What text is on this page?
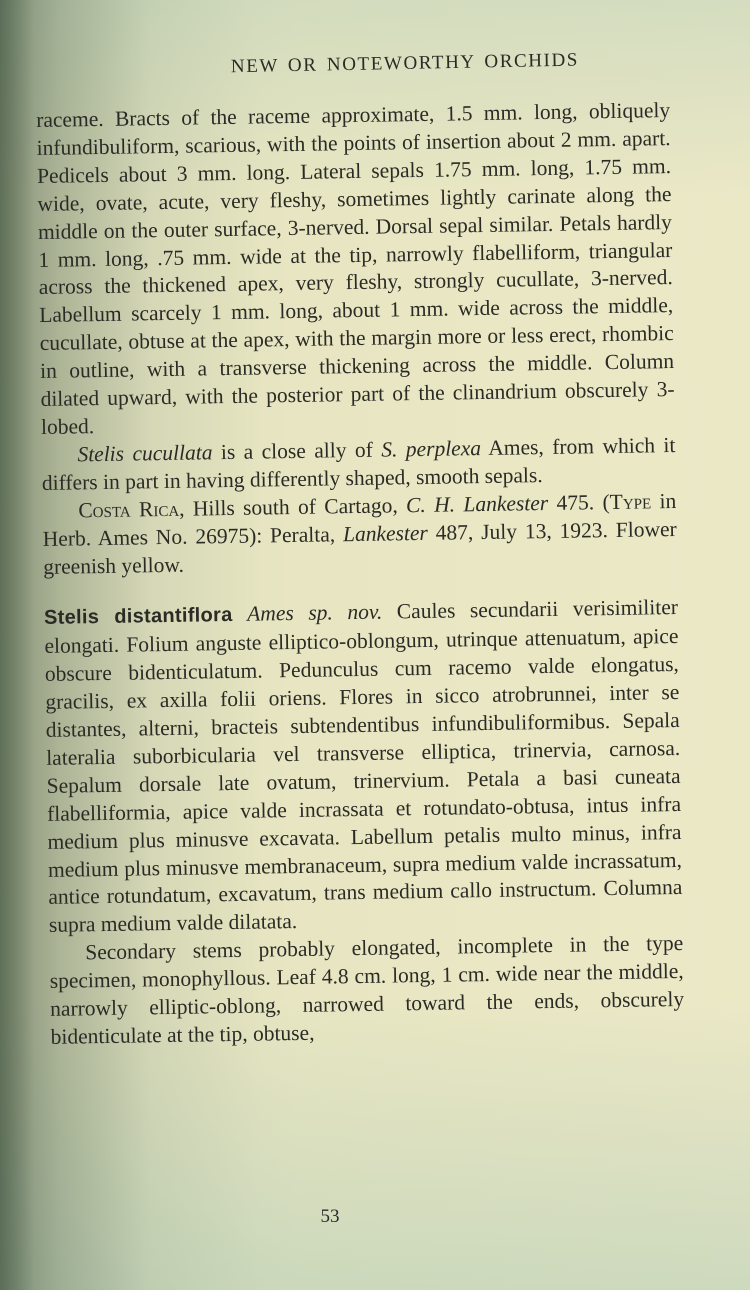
NEW OR NOTEWORTHY ORCHIDS

raceme. Bracts of the raceme approximate, 1.5 mm. long, obliquely infundibuliform, scarious, with the points of insertion about 2 mm. apart. Pedicels about 3 mm. long. Lateral sepals 1.75 mm. long, 1.75 mm. wide, ovate, acute, very fleshy, sometimes lightly carinate along the middle on the outer surface, 3-nerved. Dorsal sepal similar. Petals hardly 1 mm. long, .75 mm. wide at the tip, narrowly flabelliform, triangular across the thickened apex, very fleshy, strongly cucullate, 3-nerved. Labellum scarcely 1 mm. long, about 1 mm. wide across the middle, cucullate, obtuse at the apex, with the margin more or less erect, rhombic in outline, with a transverse thickening across the middle. Column dilated upward, with the posterior part of the clinandrium obscurely 3-lobed.

Stelis cucullata is a close ally of S. perplexa Ames, from which it differs in part in having differently shaped, smooth sepals.

Costa Rica, Hills south of Cartago, C. H. Lankester 475. (Type in Herb. Ames No. 26975): Peralta, Lankester 487, July 13, 1923. Flower greenish yellow.

Stelis distantiflora Ames sp. nov. Caules secundarii verisimiliter elongati. Folium anguste elliptico-oblongum, utrinque attenuatum, apice obscure bidenticulatum. Pedunculus cum racemo valde elongatus, gracilis, ex axilla folii oriens. Flores in sicco atrobrunnei, inter se distantes, alterni, bracteis subtendentibus infundibuliformibus. Sepala lateralia suborbicularia vel transverse elliptica, trinervia, carnosa. Sepalum dorsale late ovatum, trinervium. Petala a basi cuneata flabelliformia, apice valde incrassata et rotundato-obtusa, intus infra medium plus minusve excavata. Labellum petalis multo minus, infra medium plus minusve membranaceum, supra medium valde incrassatum, antice rotundatum, excavatum, trans medium callo instructum. Columna supra medium valde dilatata.

Secondary stems probably elongated, incomplete in the type specimen, monophyllous. Leaf 4.8 cm. long, 1 cm. wide near the middle, narrowly elliptic-oblong, narrowed toward the ends, obscurely bidenticulate at the tip, obtuse,

53
